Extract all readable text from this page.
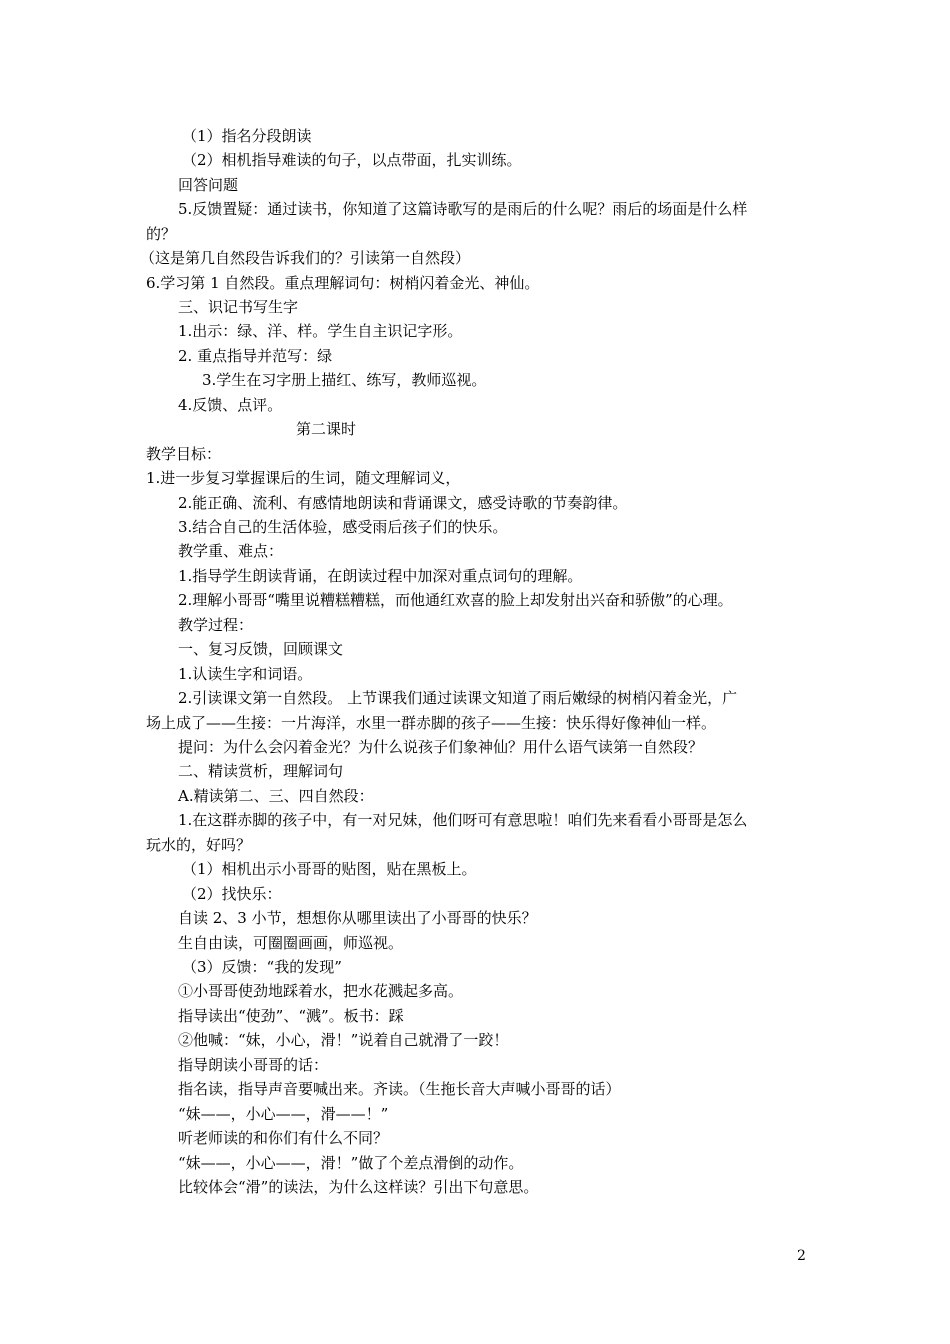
（1）指名分段朗读
（2）相机指导难读的句子，以点带面，扎实训练。
回答问题
5.反馈置疑：通过读书，你知道了这篇诗歌写的是雨后的什么呢？雨后的场面是什么样
的？
（这是第几自然段告诉我们的？引读第一自然段）
6.学习第 1 自然段。重点理解词句：树梢闪着金光、神仙。
三、识记书写生字
1.出示：绿、洋、样。学生自主识记字形。
2. 重点指导并范写：绿
3.学生在习字册上描红、练写，教师巡视。
4.反馈、点评。
第二课时
教学目标：
1.进一步复习掌握课后的生词，随文理解词义，
2.能正确、流利、有感情地朗读和背诵课文，感受诗歌的节奏韵律。
3.结合自己的生活体验，感受雨后孩子们的快乐。
教学重、难点：
1.指导学生朗读背诵，在朗读过程中加深对重点词句的理解。
2.理解小哥哥“嘴里说糟糕糟糕，而他通红欢喜的脸上却发射出兴奋和骄傲”的心理。
教学过程：
一、复习反馈，回顾课文
1.认读生字和词语。
2.引读课文第一自然段。 上节课我们通过读课文知道了雨后嫩绿的树梢闪着金光，广
场上成了——生接：一片海洋，水里一群赤脚的孩子——生接：快乐得好像神仙一样。
提问：为什么会闪着金光？为什么说孩子们象神仙？用什么语气读第一自然段？
二、精读赏析，理解词句
A.精读第二、三、四自然段：
1.在这群赤脚的孩子中，有一对兄妹，他们呀可有意思啦！咱们先来看看小哥哥是怎么
玩水的，好吗？
（1）相机出示小哥哥的贴图，贴在黑板上。
（2）找快乐：
自读 2、3 小节，想想你从哪里读出了小哥哥的快乐？
生自由读，可圈圈画画，师巡视。
（3）反馈：“我的发现”
①小哥哥使劲地踩着水，把水花溅起多高。
指导读出“使劲”、“溅”。板书：踩
②他喊：“妹，小心，滑！”说着自己就滑了一跤！
指导朗读小哥哥的话：
指名读，指导声音要喊出来。齐读。（生拖长音大声喊小哥哥的话）
“妹——，小心——，滑——！”
听老师读的和你们有什么不同？
“妹——，小心——，滑！”做了个差点滑倒的动作。
比较体会“滑”的读法，为什么这样读？引出下句意思。
2
